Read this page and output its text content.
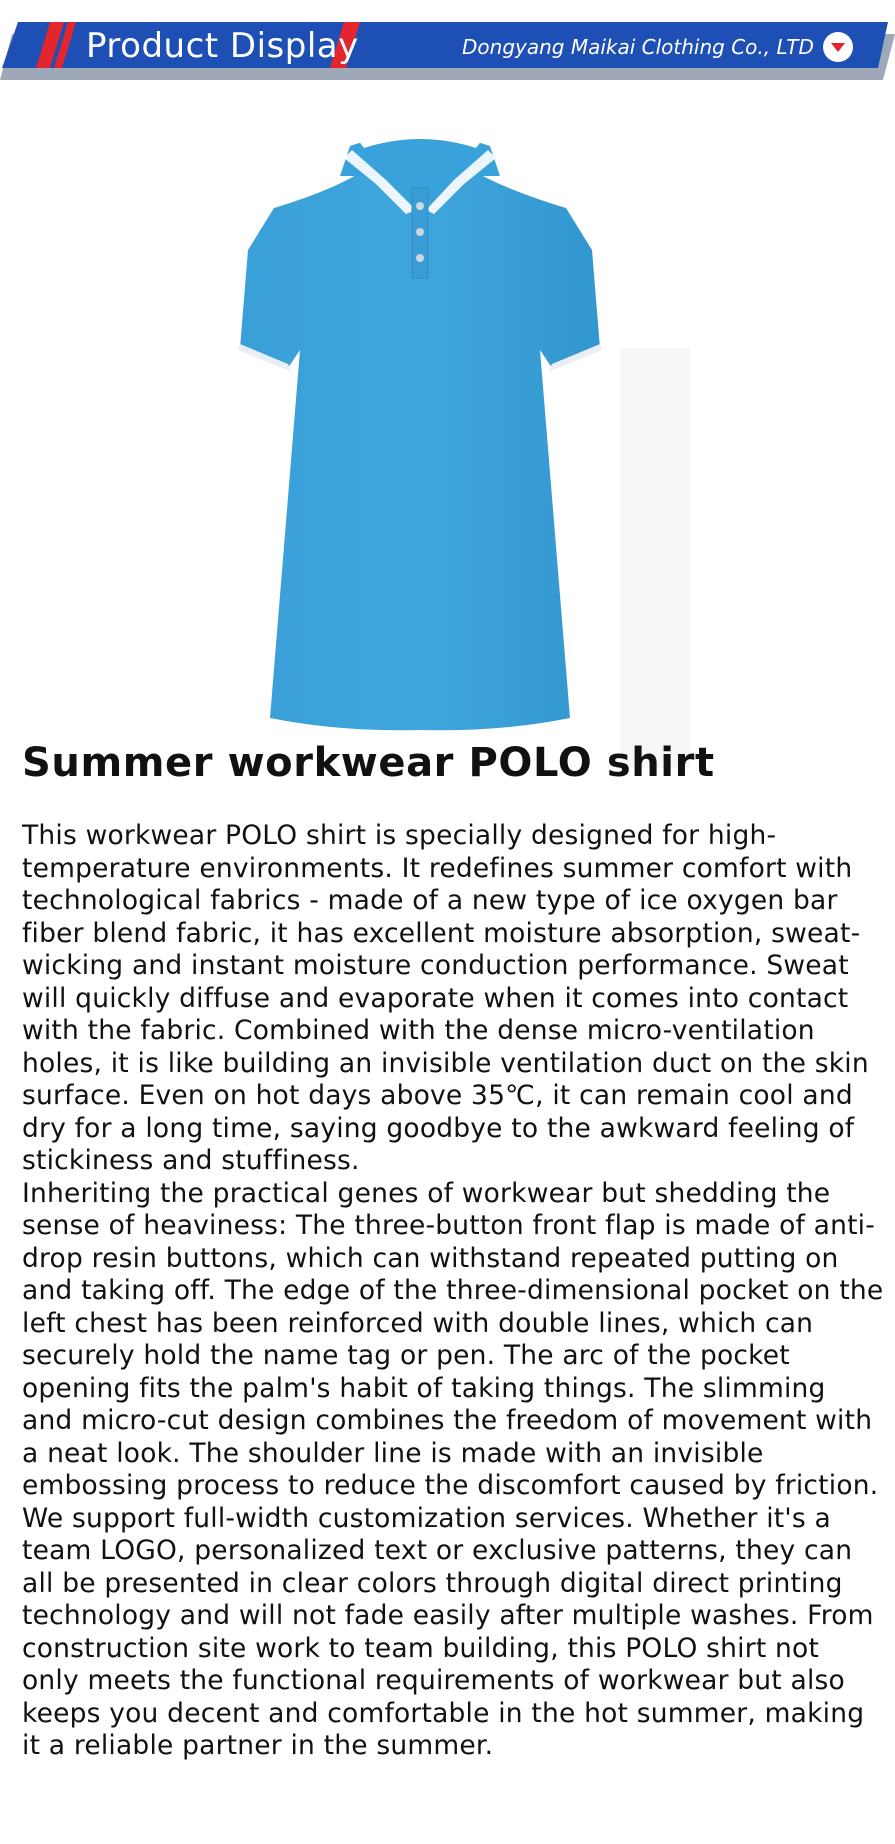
Product Display	Dongyang Maikai Clothing Co., LTD
Summer workwear POLO shirt

This workwear POLO shirt is specially designed for high-temperature environments. It redefines summer comfort with technological fabrics - made of a new type of ice oxygen bar fiber blend fabric, it has excellent moisture absorption, sweat-wicking and instant moisture conduction performance. Sweat will quickly diffuse and evaporate when it comes into contact with the fabric. Combined with the dense micro-ventilation holes, it is like building an invisible ventilation duct on the skin surface. Even on hot days above 35℃, it can remain cool and dry for a long time, saying goodbye to the awkward feeling of stickiness and stuffiness.

Inheriting the practical genes of workwear but shedding the sense of heaviness: The three-button front flap is made of anti-drop resin buttons, which can withstand repeated putting on and taking off. The edge of the three-dimensional pocket on the left chest has been reinforced with double lines, which can securely hold the name tag or pen. The arc of the pocket opening fits the palm's habit of taking things. The slimming and micro-cut design combines the freedom of movement with a neat look. The shoulder line is made with an invisible embossing process to reduce the discomfort caused by friction.

We support full-width customization services. Whether it's a team LOGO, personalized text or exclusive patterns, they can all be presented in clear colors through digital direct printing technology and will not fade easily after multiple washes. From construction site work to team building, this POLO shirt not only meets the functional requirements of workwear but also keeps you decent and comfortable in the hot summer, making it a reliable partner in the summer.
